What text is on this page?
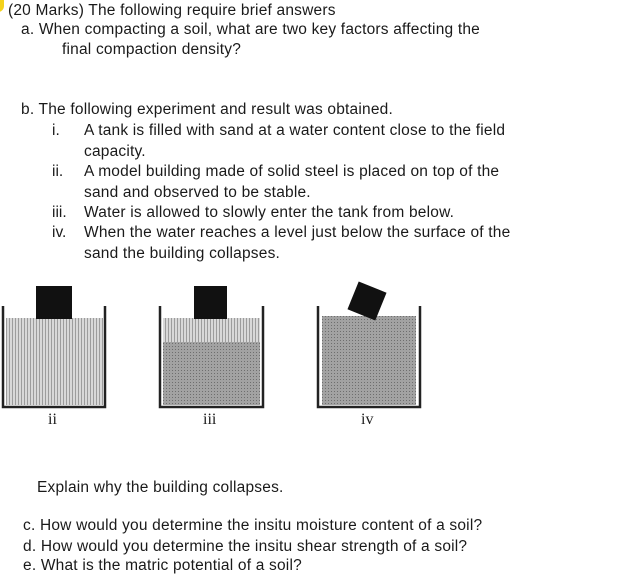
(20 Marks) The following require brief answers
a. When compacting a soil, what are two key factors affecting the
final compaction density?
b. The following experiment and result was obtained.
i. A tank is filled with sand at a water content close to the field
capacity.
ii. A model building made of solid steel is placed on top of the
sand and observed to be stable.
iii. Water is allowed to slowly enter the tank from below.
iv. When the water reaches a level just below the surface of the
sand the building collapses.
ii	iii	iv
Explain why the building collapses.
c. How would you determine the insitu moisture content of a soil?
d. How would you determine the insitu shear strength of a soil?
e. What is the matric potential of a soil?
